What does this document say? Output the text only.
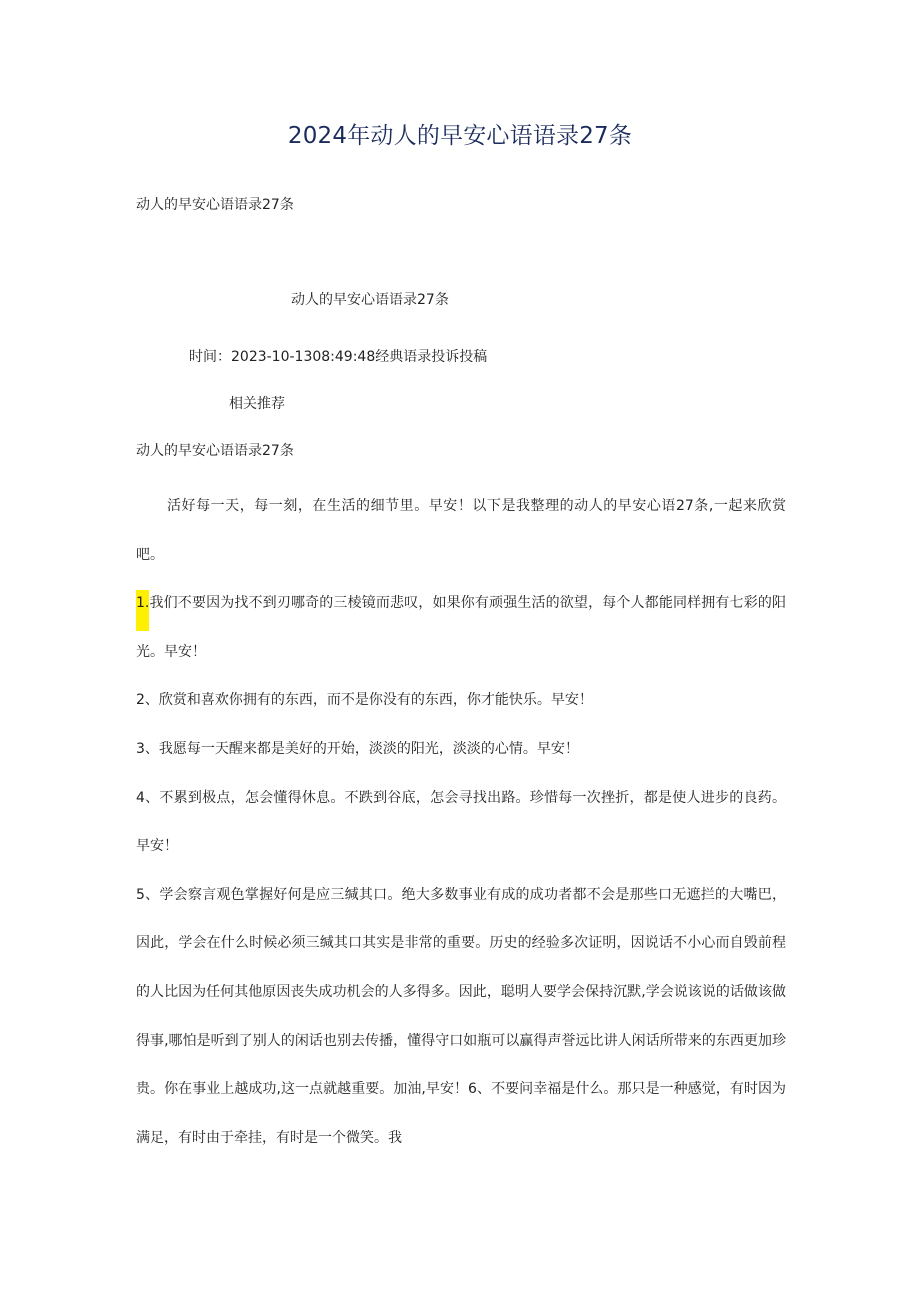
2024年动人的早安心语语录27条
动人的早安心语语录27条
动人的早安心语语录27条
时间：2023-10-1308:49:48经典语录投诉投稿
相关推荐
动人的早安心语语录27条

活好每一天，每一刻，在生活的细节里。早安！以下是我整理的动人的早安心语27条,一起来欣赏吧。

1.我们不要因为找不到刃哪奇的三棱镜而悲叹，如果你有顽强生活的欲望，每个人都能同样拥有七彩的阳光。早安！

2、欣赏和喜欢你拥有的东西，而不是你没有的东西，你才能快乐。早安！

3、我愿每一天醒来都是美好的开始，淡淡的阳光，淡淡的心情。早安！

4、不累到极点，怎会懂得休息。不跌到谷底，怎会寻找出路。珍惜每一次挫折，都是使人进步的良药。早安！

5、学会察言观色掌握好何是应三缄其口。绝大多数事业有成的成功者都不会是那些口无遮拦的大嘴巴，因此，学会在什么时候必须三缄其口其实是非常的重要。历史的经验多次证明，因说话不小心而自毁前程的人比因为任何其他原因丧失成功机会的人多得多。因此，聪明人要学会保持沉默,学会说该说的话做该做得事,哪怕是听到了别人的闲话也别去传播，懂得守口如瓶可以赢得声誉远比讲人闲话所带来的东西更加珍贵。你在事业上越成功,这一点就越重要。加油,早安！6、不要问幸福是什么。那只是一种感觉，有时因为满足，有时由于牵挂，有时是一个微笑。我
